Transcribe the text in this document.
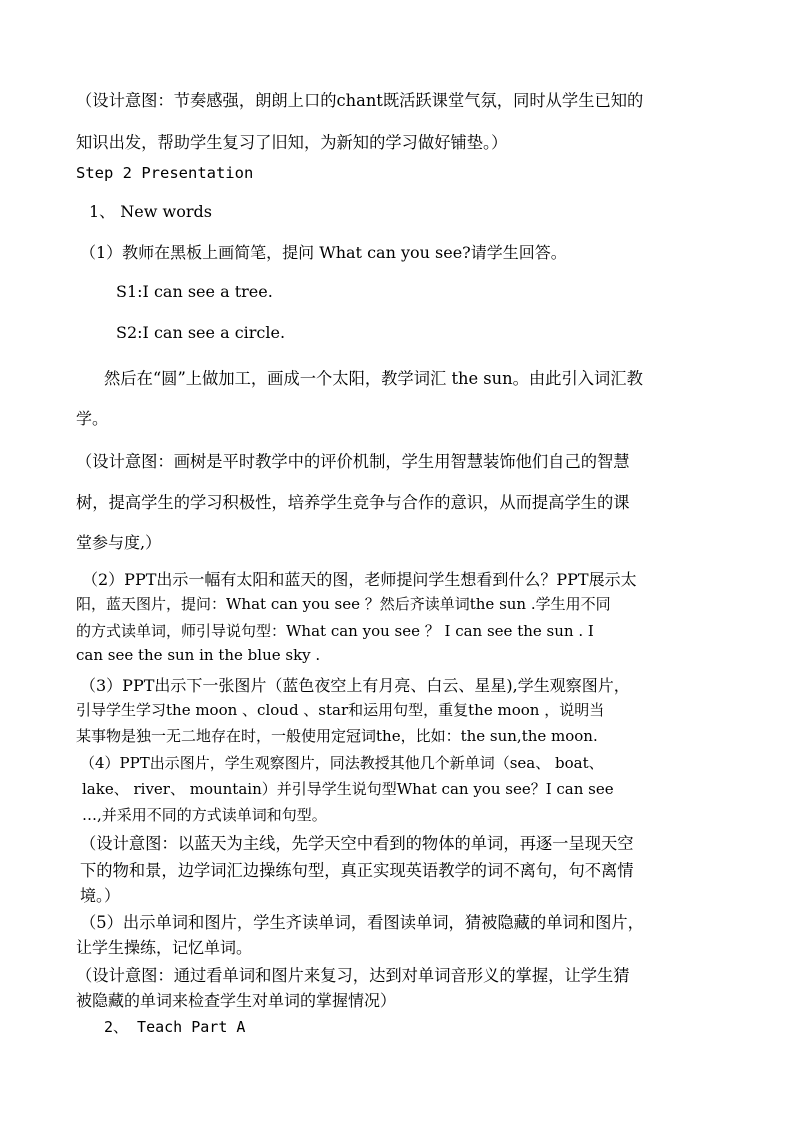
（设计意图：节奏感强，朗朗上口的chant既活跃课堂气氛，同时从学生已知的
知识出发，帮助学生复习了旧知，为新知的学习做好铺垫。）
Step 2 Presentation
1、 New words
（1）教师在黑板上画简笔，提问 What can you see?请学生回答。
S1:I can see a tree.
S2:I can see a circle.
然后在“圆”上做加工，画成一个太阳，教学词汇 the sun。由此引入词汇教
学。
（设计意图：画树是平时教学中的评价机制，学生用智慧装饰他们自己的智慧
树，提高学生的学习积极性，培养学生竞争与合作的意识，从而提高学生的课
堂参与度,）
（2）PPT出示一幅有太阳和蓝天的图，老师提问学生想看到什么？PPT展示太
阳，蓝天图片，提问：What can you see ？然后齐读单词the sun .学生用不同
的方式读单词，师引导说句型：What can you see ？ I can see the sun . I
can see the sun in the blue sky .
（3）PPT出示下一张图片（蓝色夜空上有月亮、白云、星星),学生观察图片，
引导学生学习the moon 、cloud 、star和运用句型，重复the moon ，说明当
某事物是独一无二地存在时，一般使用定冠词the，比如：the sun,the moon.
（4）PPT出示图片，学生观察图片，同法教授其他几个新单词（sea、 boat、
lake、 river、 mountain）并引导学生说句型What can you see？I can see
…,并采用不同的方式读单词和句型。
（设计意图：以蓝天为主线，先学天空中看到的物体的单词，再逐一呈现天空
下的物和景，边学词汇边操练句型，真正实现英语教学的词不离句，句不离情
境。）
（5）出示单词和图片，学生齐读单词，看图读单词，猜被隐藏的单词和图片，
让学生操练，记忆单词。
（设计意图：通过看单词和图片来复习，达到对单词音形义的掌握，让学生猜
被隐藏的单词来检查学生对单词的掌握情况）
2、 Teach Part A
